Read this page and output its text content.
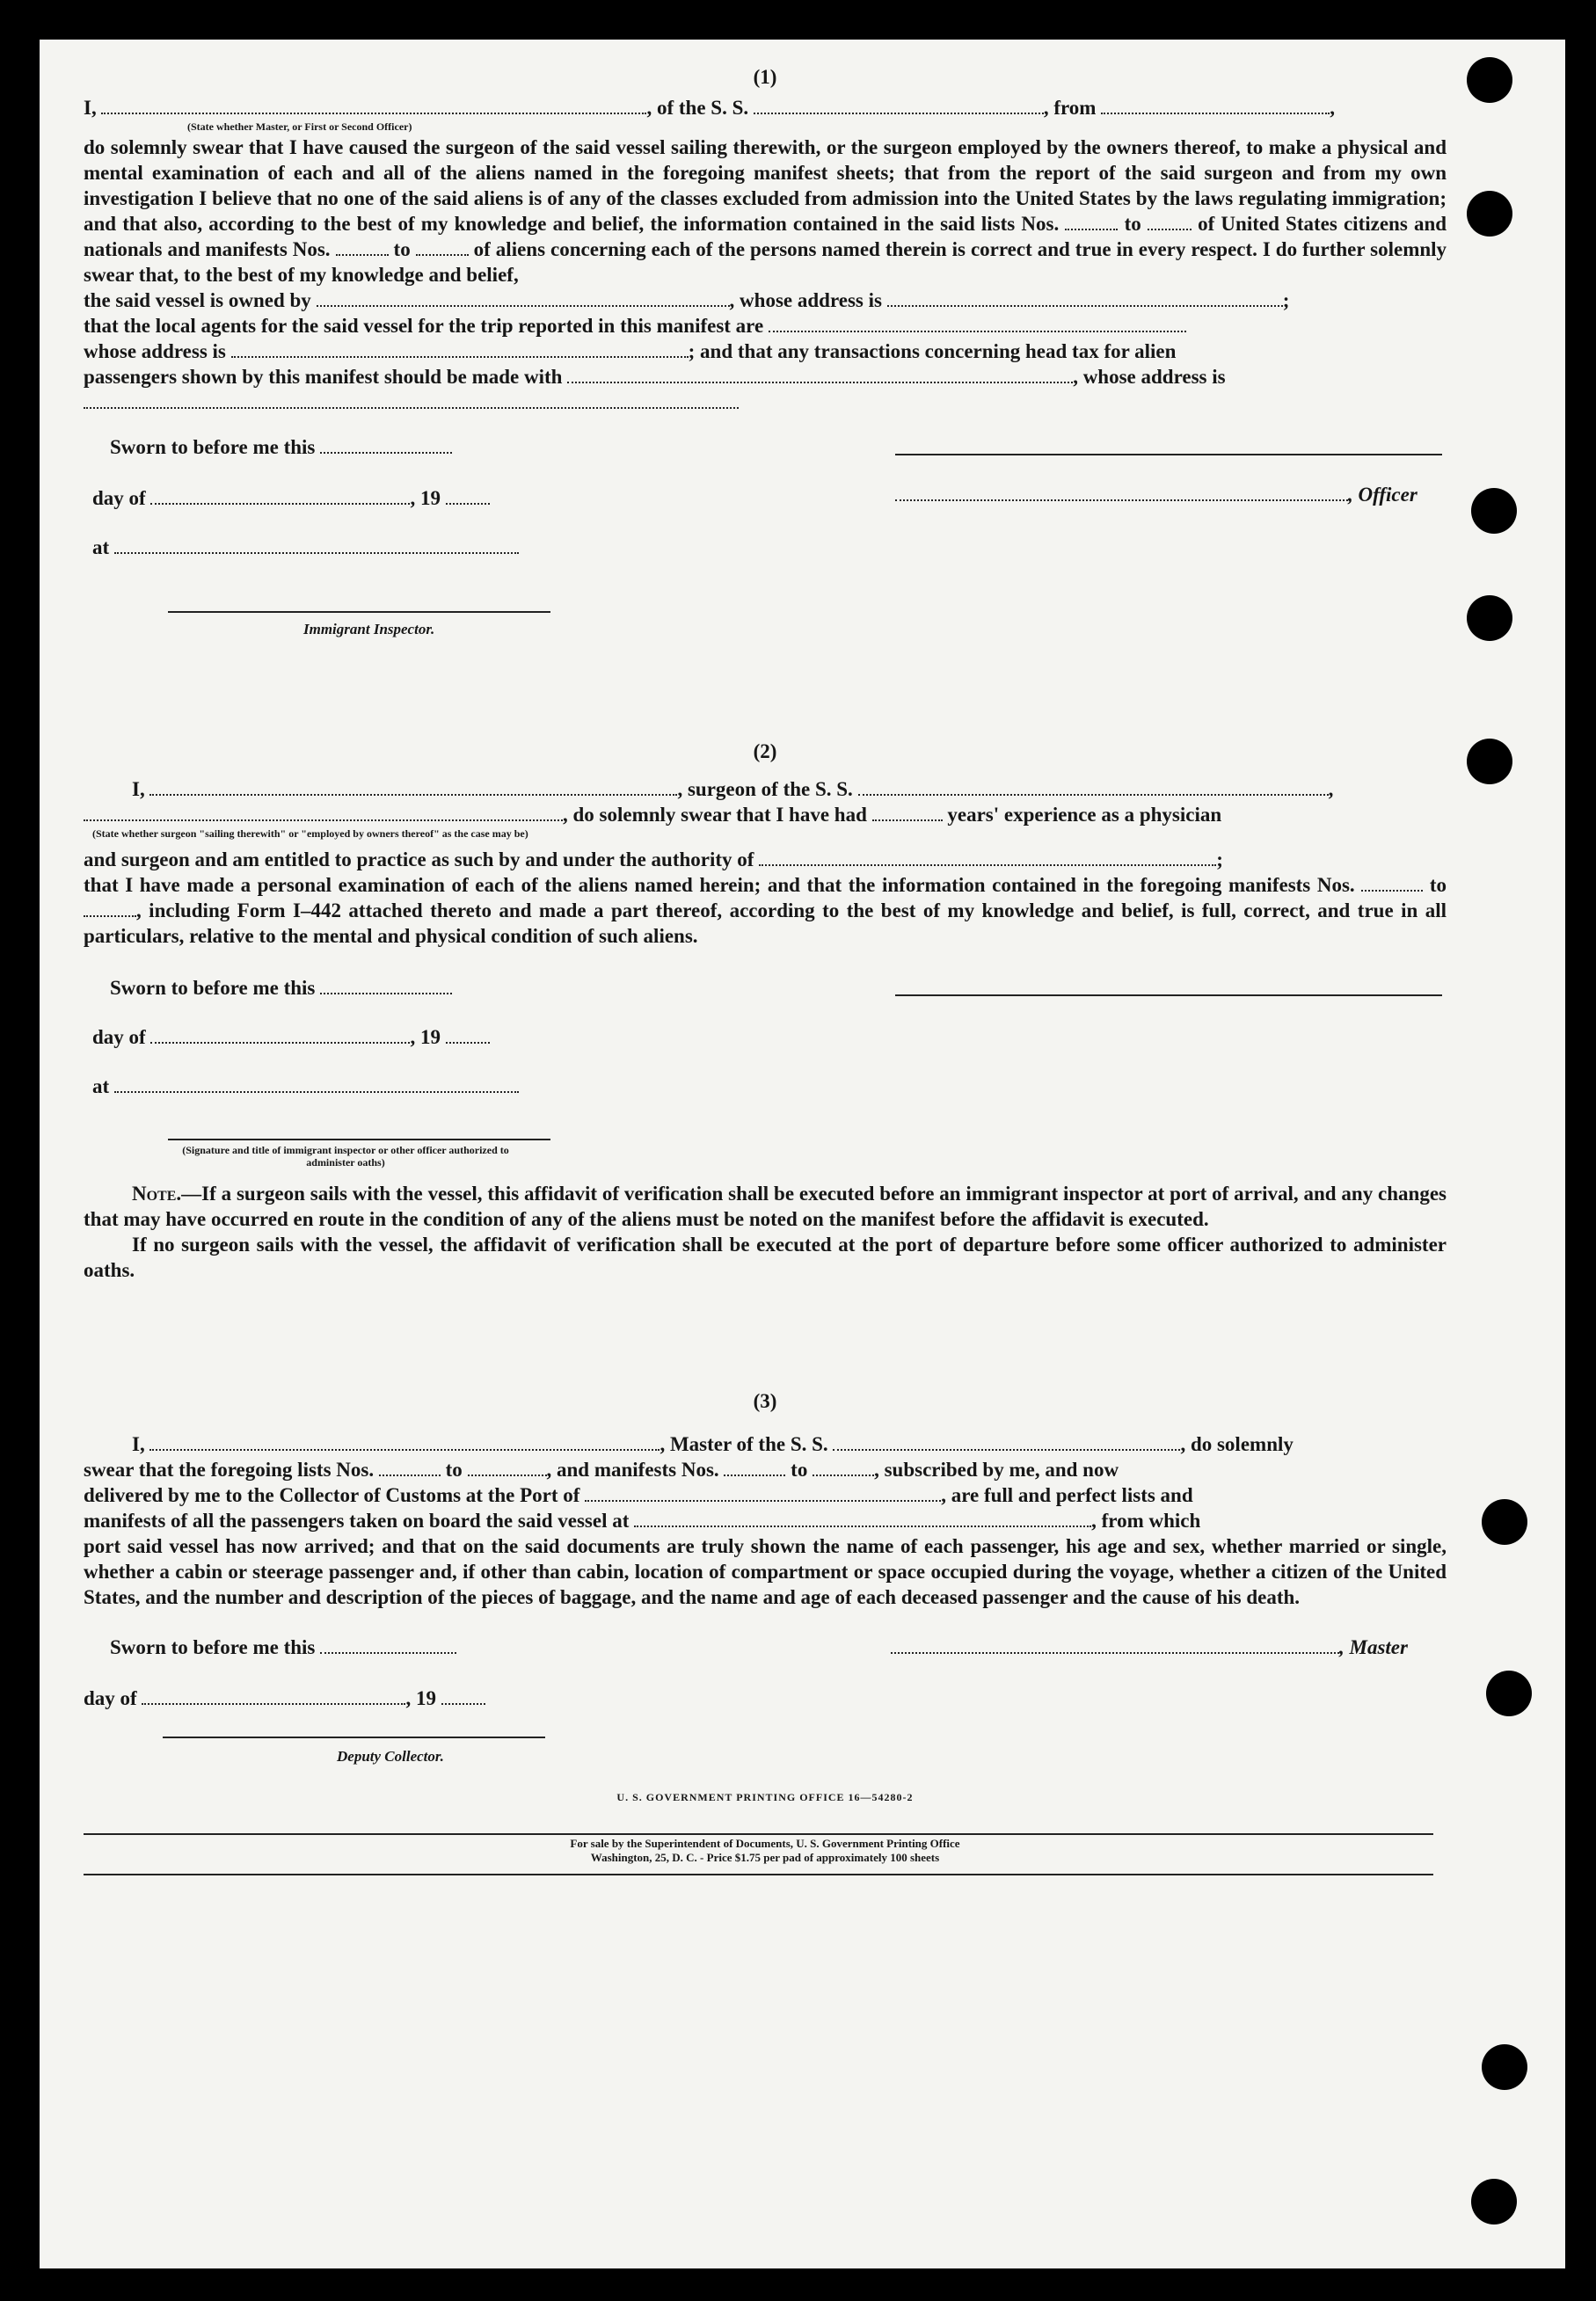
(1)

I,	, of the S. S.	, from	,

(State whether Master, or First or Second Officer)

do solemnly swear that I have caused the surgeon of the said vessel sailing therewith, or the surgeon employed by the owners thereof, to make a physical and mental examination of each and all of the aliens named in the foregoing manifest sheets; that from the report of the said surgeon and from my own investigation I believe that no one of the said aliens is of any of the classes excluded from admission into the United States by the laws regulating immigration; and that also, according to the best of my knowledge and belief, the information contained in the said lists Nos.	to	of United States citizens and nationals and manifests Nos.	to	of aliens concerning each of the persons named therein is correct and true in every respect. I do further solemnly swear that, to the best of my knowledge and belief,

the said vessel is owned by	, whose address is	;

that the local agents for the said vessel for the trip reported in this manifest are

whose address is	; and that any transactions concerning head tax for alien

passengers shown by this manifest should be made with	, whose address is

Sworn to before me this
day of	, 19
at
, Officer

Immigrant Inspector.

(2)

I,	, surgeon of the S. S.	,

, do solemnly swear that I have had	years' experience as a physician

(State whether surgeon "sailing therewith" or "employed by owners thereof" as the case may be)

and surgeon and am entitled to practice as such by and under the authority of	;

that I have made a personal examination of each of the aliens named herein; and that the information contained in the foregoing manifests Nos.	to , including Form I–442 attached thereto and made a part thereof, according to the best of my knowledge and belief, is full, correct, and true in all particulars, relative to the mental and physical condition of such aliens.

Sworn to before me this
day of	, 19
at

(Signature and title of immigrant inspector or other officer authorized to administer oaths)

Note.—If a surgeon sails with the vessel, this affidavit of verification shall be executed before an immigrant inspector at port of arrival, and any changes that may have occurred en route in the condition of any of the aliens must be noted on the manifest before the affidavit is executed.

If no surgeon sails with the vessel, the affidavit of verification shall be executed at the port of departure before some officer authorized to administer oaths.

(3)

I,	, Master of the S. S.	, do solemnly

swear that the foregoing lists Nos.	to	, and manifests Nos.	to	, subscribed by me, and now

delivered by me to the Collector of Customs at the Port of	, are full and perfect lists and

manifests of all the passengers taken on board the said vessel at	, from which

port said vessel has now arrived; and that on the said documents are truly shown the name of each passenger, his age and sex, whether married or single, whether a cabin or steerage passenger and, if other than cabin, location of compartment or space occupied during the voyage, whether a citizen of the United States, and the number and description of the pieces of baggage, and the name and age of each deceased passenger and the cause of his death.

Sworn to before me this	, Master
day of	, 19

Deputy Collector.

U. S. GOVERNMENT PRINTING OFFICE 16—54280-2

For sale by the Superintendent of Documents, U. S. Government Printing Office

Washington, 25, D. C. - Price $1.75 per pad of approximately 100 sheets
